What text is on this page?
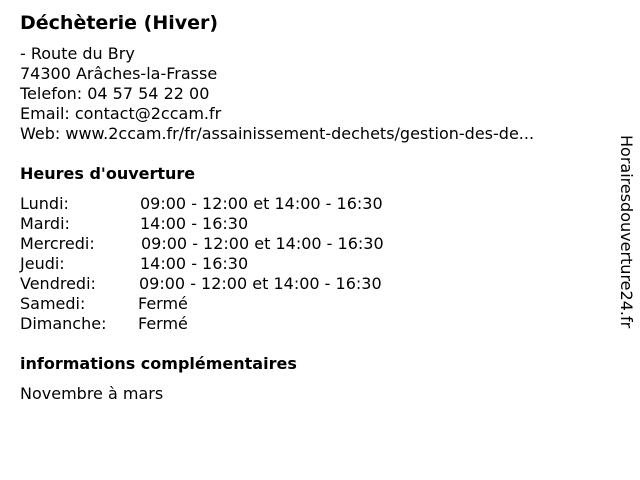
Déchèterie (Hiver)
- Route du Bry
74300 Arâches-la-Frasse
Telefon: 04 57 54 22 00
Email: contact@2ccam.fr
Web: www.2ccam.fr/fr/assainissement-dechets/gestion-des-de...
Heures d'ouverture
Lundi:	09:00 - 12:00 et 14:00 - 16:30
Mardi:	14:00 - 16:30
Mercredi:	09:00 - 12:00 et 14:00 - 16:30
Jeudi:	14:00 - 16:30
Vendredi:	09:00 - 12:00 et 14:00 - 16:30
Samedi:	Fermé
Dimanche: Fermé
informations complémentaires
Novembre à mars
Horairesdouverture24.fr
